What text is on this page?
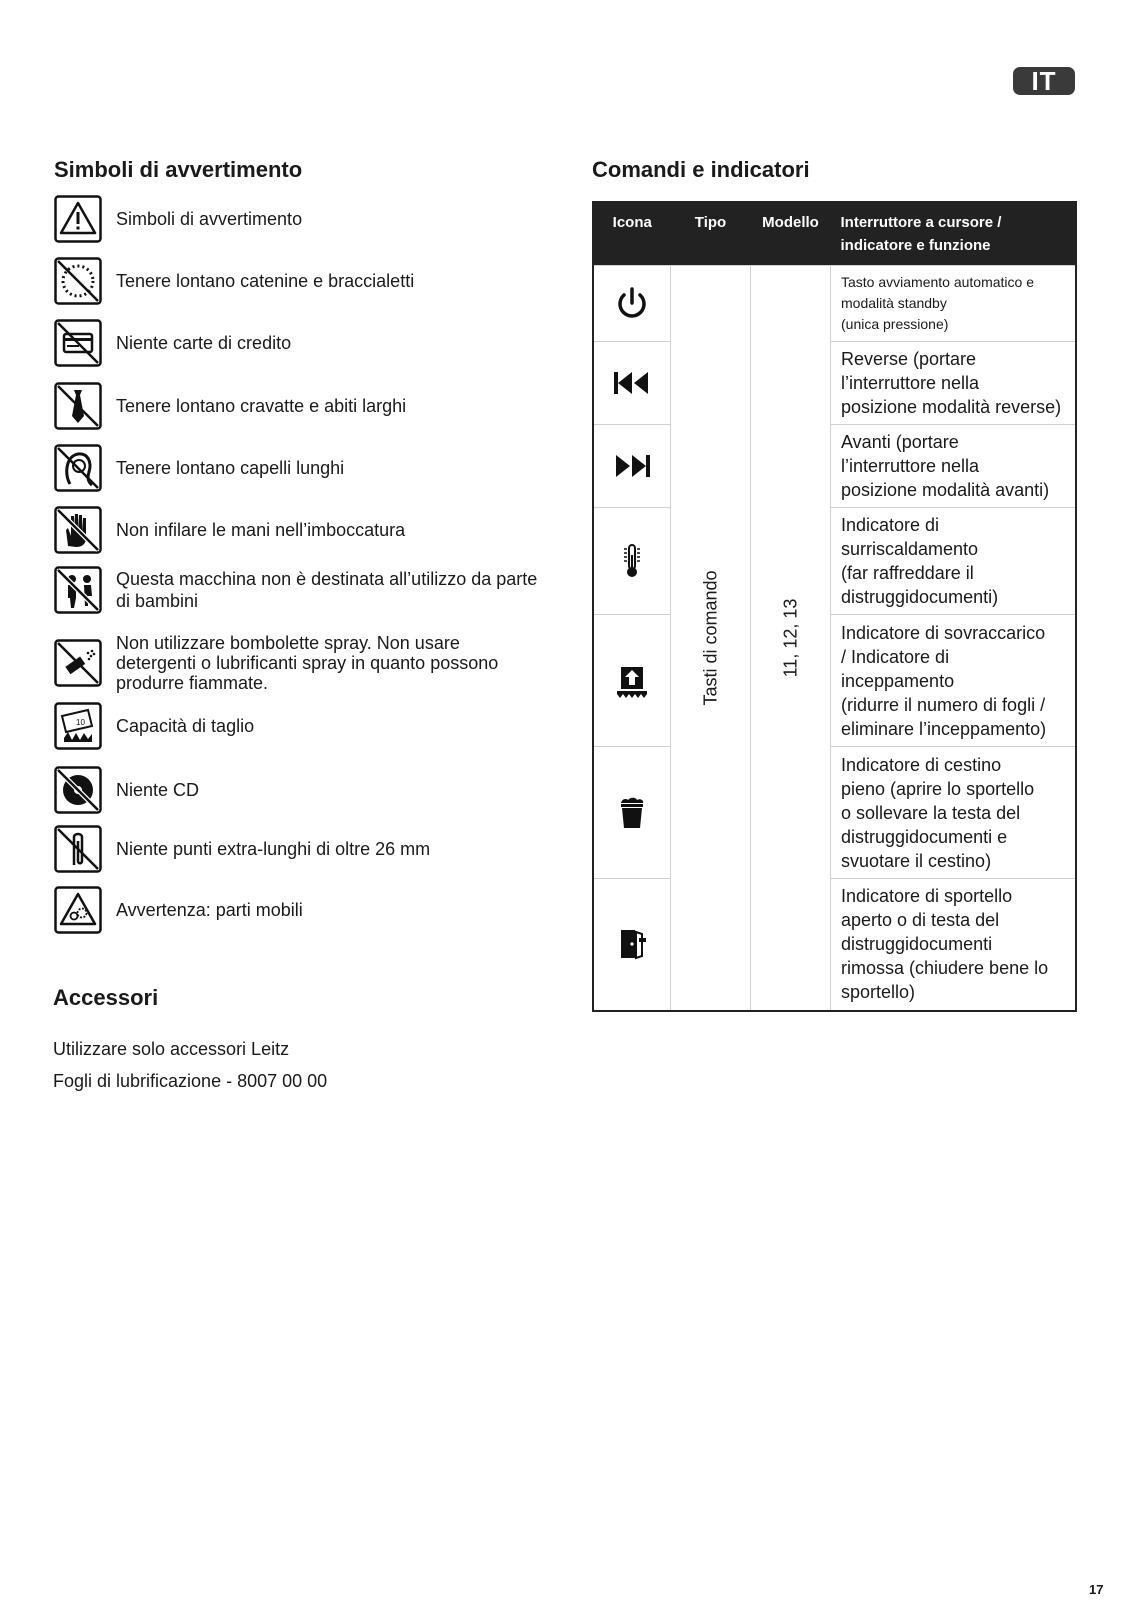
IT
Simboli di avvertimento
Simboli di avvertimento
Tenere lontano catenine e braccialetti
Niente carte di credito
Tenere lontano cravatte e abiti larghi
Tenere lontano capelli lunghi
Non infilare le mani nell’imboccatura
Questa macchina non è destinata all’utilizzo da parte di bambini
Non utilizzare bombolette spray. Non usare detergenti o lubrificanti spray in quanto possono produrre fiammate.
10 Capacità di taglio
Niente CD
Niente punti extra-lunghi di oltre 26 mm
Avvertenza: parti mobili
Accessori
Utilizzare solo accessori Leitz
Fogli di lubrificazione - 8007 00 00
Comandi e indicatori
Icona	Tipo	Modello	Interruttore a cursore /
indicatore e funzione

Tasti di comando	11, 12, 13	Tasto avviamento automatico e
modalità standby
(unica pressione)
	Reverse (portare
l’interruttore nella
posizione modalità reverse)
	Avanti (portare
l’interruttore nella
posizione modalità avanti)
	Indicatore di
surriscaldamento
(far raffreddare il
distruggidocumenti)
	Indicatore di sovraccarico
/ Indicatore di
inceppamento
(ridurre il numero di fogli /
eliminare l’inceppamento)
	Indicatore di cestino
pieno (aprire lo sportello
o sollevare la testa del
distruggidocumenti e
svuotare il cestino)
	Indicatore di sportello
aperto o di testa del
distruggidocumenti
rimossa (chiudere bene lo
sportello)
17
